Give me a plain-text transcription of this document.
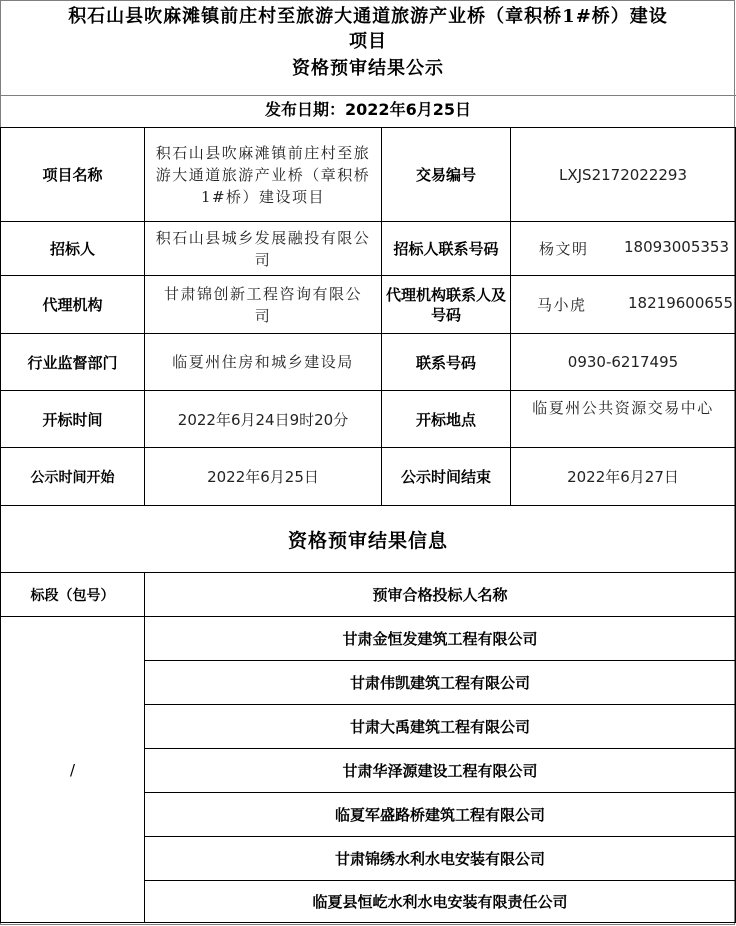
积石山县吹麻滩镇前庄村至旅游大通道旅游产业桥（章积桥1#桥）建设
项目
资格预审结果公示
发布日期：2022年6月25日
项目名称	积石山县吹麻滩镇前庄村至旅游大通道旅游产业桥（章积桥1#桥）建设项目	交易编号	LXJS2172022293
招标人	积石山县城乡发展融投有限公司	招标人联系号码	杨文明 18093005353

代理机构	甘肃锦创新工程咨询有限公司	代理机构联系人及号码	马小虎 18219600655

行业监督部门	临夏州住房和城乡建设局	联系号码	0930-6217495
开标时间	2022年6月24日9时20分	开标地点	临夏州公共资源交易中心

公示时间开始	2022年6月25日	公示时间结束	2022年6月27日
资格预审结果信息	
标段（包号）	预审合格投标人名称
/	甘肃金恒发建筑工程有限公司
	甘肃伟凯建筑工程有限公司
	甘肃大禹建筑工程有限公司
	甘肃华泽源建设工程有限公司
	临夏军盛路桥建筑工程有限公司
	甘肃锦绣水利水电安装有限公司
	临夏县恒屹水利水电安装有限责任公司
